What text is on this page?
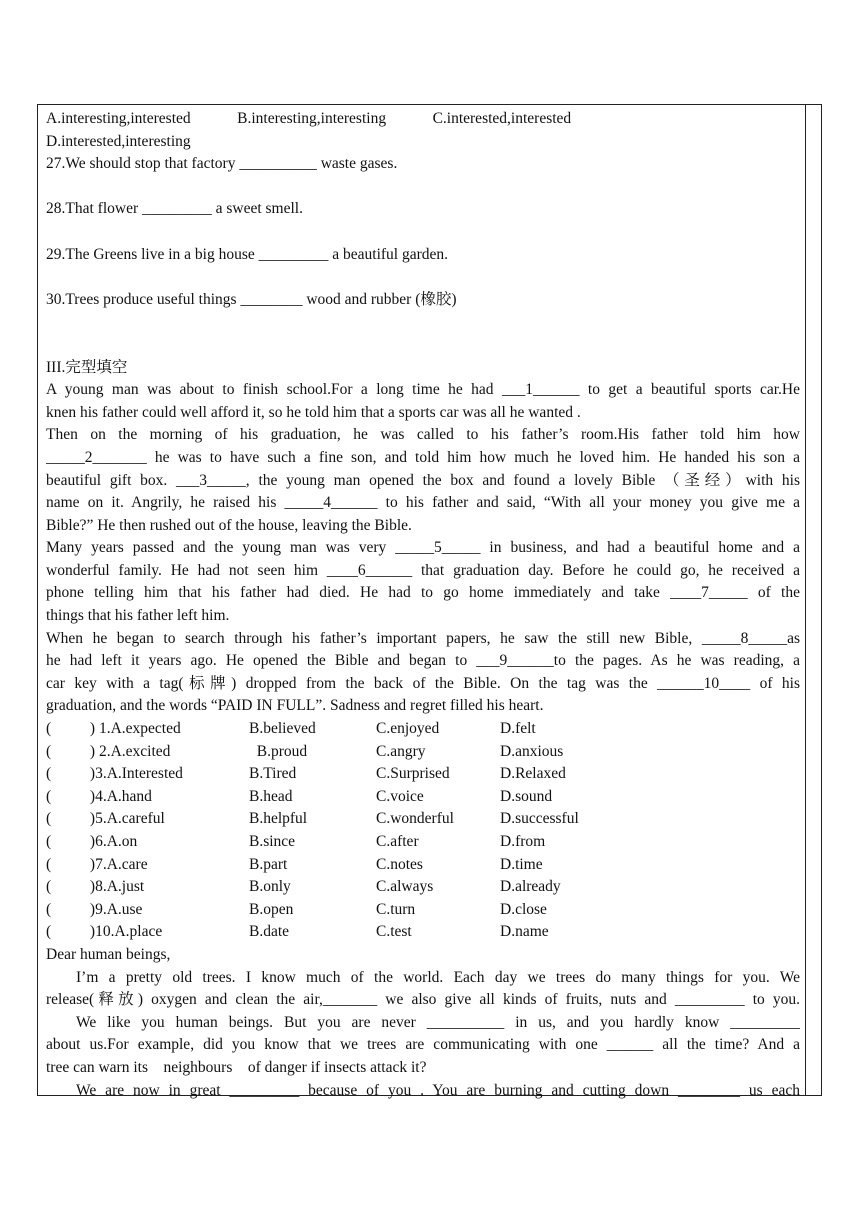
A.interesting,interested            B.interesting,interesting            C.interested,interested
D.interested,interesting
27.We should stop that factory __________ waste gases.

28.That flower _________ a sweet smell.

29.The Greens live in a big house _________ a beautiful garden.

30.Trees produce useful things ________ wood and rubber (橡胶)

III.完型填空
A young man was about to finish school.For a long time he had ___1______ to get a beautiful sports car.He
knen his father could well afford it, so he told him that a sports car was all he wanted .
Then on the morning of his graduation, he was called to his father’s room.His father told him how
_____2_______ he was to have such a fine son, and told him how much he loved him. He handed his son a
beautiful gift box. ___3_____, the young man opened the box and found a lovely Bible （圣经）with his
name on it. Angrily, he raised his _____4______ to his father and said, “With all your money you give me a
Bible?” He then rushed out of the house, leaving the Bible.
Many years passed and the young man was very _____5_____ in business, and had a beautiful home and a
wonderful family. He had not seen him ____6______ that graduation day. Before he could go, he received a
phone telling him that his father had died. He had to go home immediately and take ____7_____ of the
things that his father left him.
When he began to search through his father’s important papers, he saw the still new Bible, _____8_____as
he had left it years ago. He opened the Bible and began to ___9______to the pages. As he was reading, a
car key with a tag(标牌) dropped from the back of the Bible. On the tag was the ______10____ of his
graduation, and the words “PAID IN FULL”. Sadness and regret filled his heart.
(          ) 1.A.expected	B.believed	C.enjoyed	D.felt
(          ) 2.A.excited	B.proud	C.angry	D.anxious
(          )3.A.Interested	B.Tired	C.Surprised	D.Relaxed
(          )4.A.hand	B.head	C.voice	D.sound
(          )5.A.careful	B.helpful	C.wonderful	D.successful
(          )6.A.on	B.since	C.after	D.from
(          )7.A.care	B.part	C.notes	D.time
(          )8.A.just	B.only	C.always	D.already
(          )9.A.use	B.open	C.turn	D.close
(          )10.A.place	B.date	C.test	D.name
Dear human beings,
I’m a pretty old trees. I know much of the world. Each day we trees do many things for you. We
release(释放) oxygen and clean the air,_______ we also give all kinds of fruits, nuts and _________ to you.
We like you human beings. But you are never __________ in us, and you hardly know _________
about us.For example, did you know that we trees are communicating with one ______ all the time? And a
tree can warn its    neighbours    of danger if insects attack it?
We are now in great _________ because of you . You are burning and cutting down ________ us each
